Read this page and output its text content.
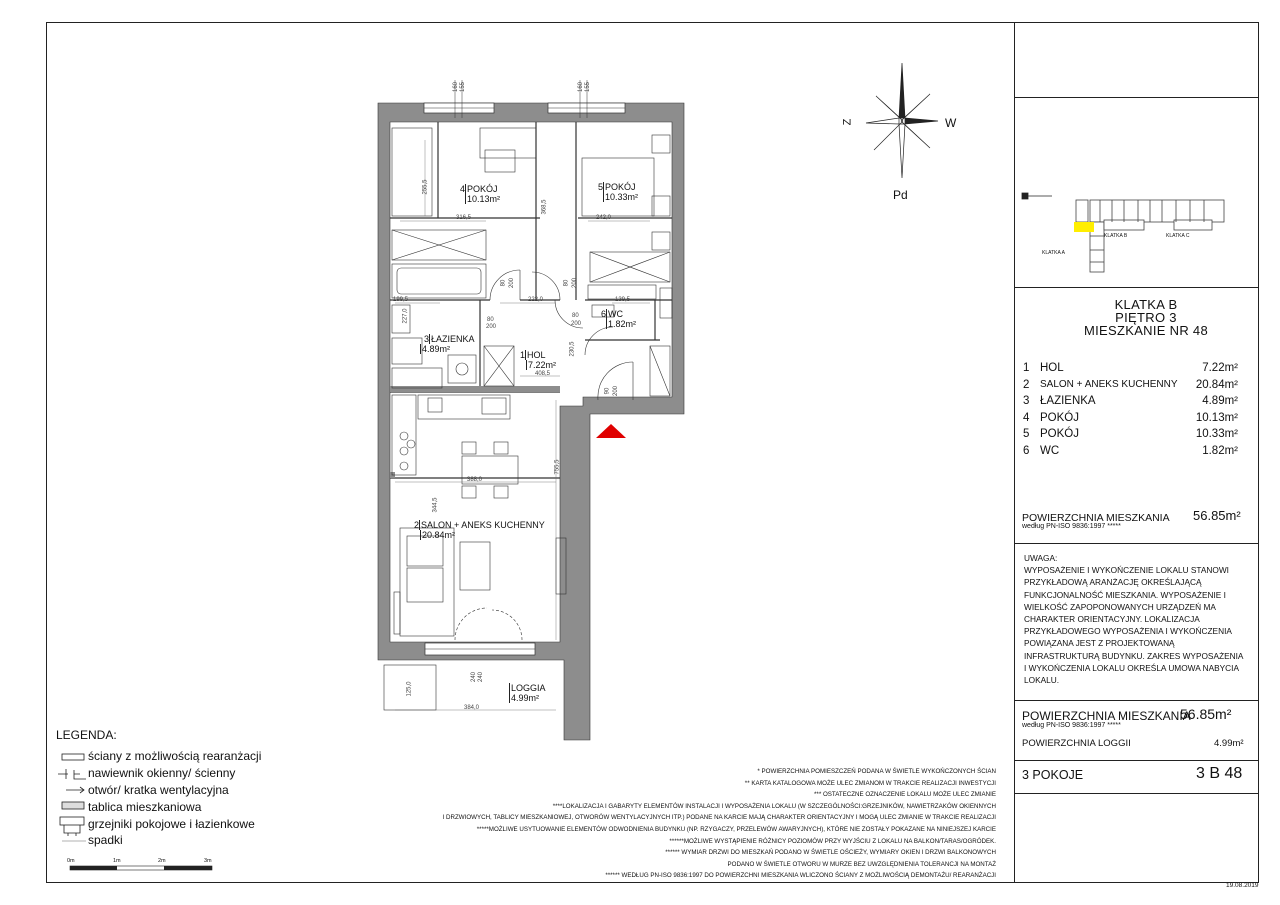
W
Pd
Z
KLATKA A
KLATKA B	KLATKA C
4 POKÓJ
10.13m²
5 POKÓJ
10.33m²
3 ŁAZIENKA
4.89m²
6 WC
1.82m²
1 HOL
7.22m²
2 SALON + ANEKS KUCHENNY
20.84m²
LOGGIA
4.99m²
160 155	160 155
255,5
316,5
368,5
242,0
199,5	222,0	139,5
227,0	80
200
80 200	80 200
80
200
230,5
408,5
90 200
388,0
755,5
344,5
240 240
125,0
384,0
KLATKA B
PIĘTRO 3
MIESZKANIE NR 48
1 HOL	7.22m²
2	SALON + ANEKS KUCHENNY	20.84m²
3 ŁAZIENKA	4.89m²
4 POKÓJ	10.13m²
5 POKÓJ	10.33m²
6 WC	1.82m²
POWIERZCHNIA MIESZKANIA
według PN-ISO 9836:1997 *****
56.85m²
UWAGA:
WYPOSAŻENIE I WYKOŃCZENIE LOKALU STANOWI
PRZYKŁADOWĄ ARANŻACJĘ OKREŚLAJĄCĄ
FUNKCJONALNOŚĆ MIESZKANIA. WYPOSAŻENIE I
WIELKOŚĆ ZAPOPONOWANYCH URZĄDZEŃ MA
CHARAKTER ORIENTACYJNY. LOKALIZACJA
PRZYKŁADOWEGO WYPOSAŻENIA I WYKOŃCZENIA
POWIĄZANA JEST Z PROJEKTOWANĄ
INFRASTRUKTURĄ BUDYNKU. ZAKRES WYPOSAŻENIA
I WYKOŃCZENIA LOKALU OKREŚLA UMOWA NABYCIA
LOKALU.
POWIERZCHNIA MIESZKANIA
według PN-ISO 9836:1997 *****
56.85m²
POWIERZCHNIA LOGGII	4.99m²
3 POKOJE	3 B 48
19.08.2019
* POWIERZCHNIA POMIESZCZEŃ PODANA W ŚWIETLE WYKOŃCZONYCH ŚCIAN
** KARTA KATALOGOWA MOŻE ULEC ZMIANOM W TRAKCIE REALIZACJI INWESTYCJI
*** OSTATECZNE OZNACZENIE LOKALU MOŻE ULEC ZMIANIE
****LOKALIZACJA I GABARYTY ELEMENTÓW INSTALACJI I WYPOSAŻENIA LOKALU (W SZCZEGÓLNOŚCI:GRZEJNIKÓW, NAWIETRZAKÓW OKIENNYCH
I DRZWIOWYCH, TABLICY MIESZKANIOWEJ, OTWORÓW WENTYLACYJNYCH ITP.) PODANE NA KARCIE MAJĄ CHARAKTER ORIENTACYJNY I MOGĄ ULEC ZMIANIE W TRAKCIE REALIZACJI
*****MOŻLIWE USYTUOWANIE ELEMENTÓW ODWODNIENIA BUDYNKU (NP. RZYGACZY, PRZELEWÓW AWARYJNYCH), KTÓRE NIE ZOSTAŁY POKAZANE NA NINIEJSZEJ KARCIE
******MOŻLIWE WYSTĄPIENIE RÓŻNICY POZIOMÓW PRZY WYJŚCIU Z LOKALU NA BALKON/TARAS/OGRÓDEK.
****** WYMIAR DRZWI DO MIESZKAŃ PODANO W ŚWIETLE OŚCIEŻY, WYMIARY OKIEN I DRZWI BALKONOWYCH
PODANO W ŚWIETLE OTWORU W MURZE BEZ UWZGLĘDNIENIA TOLERANCJI NA MONTAŻ
****** WEDŁUG PN-ISO 9836:1997 DO POWIERZCHNI MIESZKANIA WLICZONO ŚCIANY Z MOŻLIWOŚCIĄ DEMONTAŻU/ REARANŻACJI
LEGENDA:
ściany z możliwością rearanżacji
nawiewnik okienny/ ścienny
otwór/ kratka wentylacyjna
tablica mieszkaniowa
grzejniki pokojowe i łazienkowe
spadki
0m	1m	2m	3m
